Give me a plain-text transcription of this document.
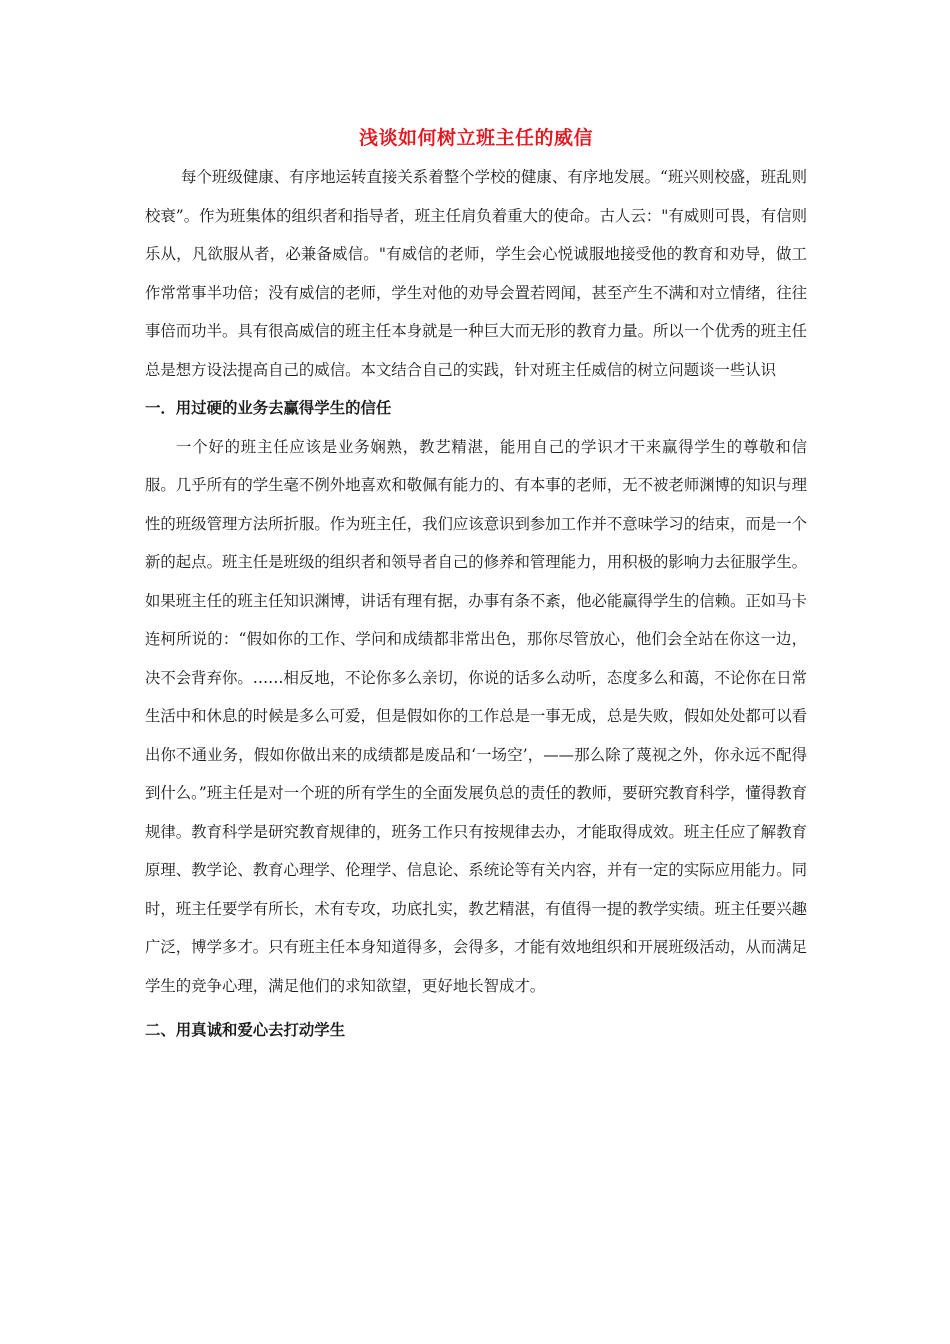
浅谈如何树立班主任的威信

每个班级健康、有序地运转直接关系着整个学校的健康、有序地发展。“班兴则校盛，班乱则校衰”。作为班集体的组织者和指导者，班主任肩负着重大的使命。古人云："有威则可畏，有信则乐从，凡欲服从者，必兼备威信。"有威信的老师，学生会心悦诚服地接受他的教育和劝导，做工作常常事半功倍；没有威信的老师，学生对他的劝导会置若罔闻，甚至产生不满和对立情绪，往往事倍而功半。具有很高威信的班主任本身就是一种巨大而无形的教育力量。所以一个优秀的班主任总是想方设法提高自己的威信。本文结合自己的实践，针对班主任威信的树立问题谈一些认识

一．用过硬的业务去赢得学生的信任

一个好的班主任应该是业务娴熟，教艺精湛，能用自己的学识才干来赢得学生的尊敬和信服。几乎所有的学生毫不例外地喜欢和敬佩有能力的、有本事的老师，无不被老师渊博的知识与理性的班级管理方法所折服。作为班主任，我们应该意识到参加工作并不意味学习的结束，而是一个新的起点。班主任是班级的组织者和领导者自己的修养和管理能力，用积极的影响力去征服学生。如果班主任的班主任知识渊博，讲话有理有据，办事有条不紊，他必能赢得学生的信赖。正如马卡连柯所说的：“假如你的工作、学问和成绩都非常出色，那你尽管放心，他们会全站在你这一边，决不会背弃你。……相反地，不论你多么亲切，你说的话多么动听，态度多么和蔼，不论你在日常生活中和休息的时候是多么可爱，但是假如你的工作总是一事无成，总是失败，假如处处都可以看出你不通业务，假如你做出来的成绩都是废品和‘一场空’，——那么除了蔑视之外，你永远不配得到什么。”班主任是对一个班的所有学生的全面发展负总的责任的教师，要研究教育科学，懂得教育规律。教育科学是研究教育规律的，班务工作只有按规律去办，才能取得成效。班主任应了解教育原理、教学论、教育心理学、伦理学、信息论、系统论等有关内容，并有一定的实际应用能力。同时，班主任要学有所长，术有专攻，功底扎实，教艺精湛，有值得一提的教学实绩。班主任要兴趣广泛，博学多才。只有班主任本身知道得多，会得多，才能有效地组织和开展班级活动，从而满足学生的竞争心理，满足他们的求知欲望，更好地长智成才。

二、用真诚和爱心去打动学生
